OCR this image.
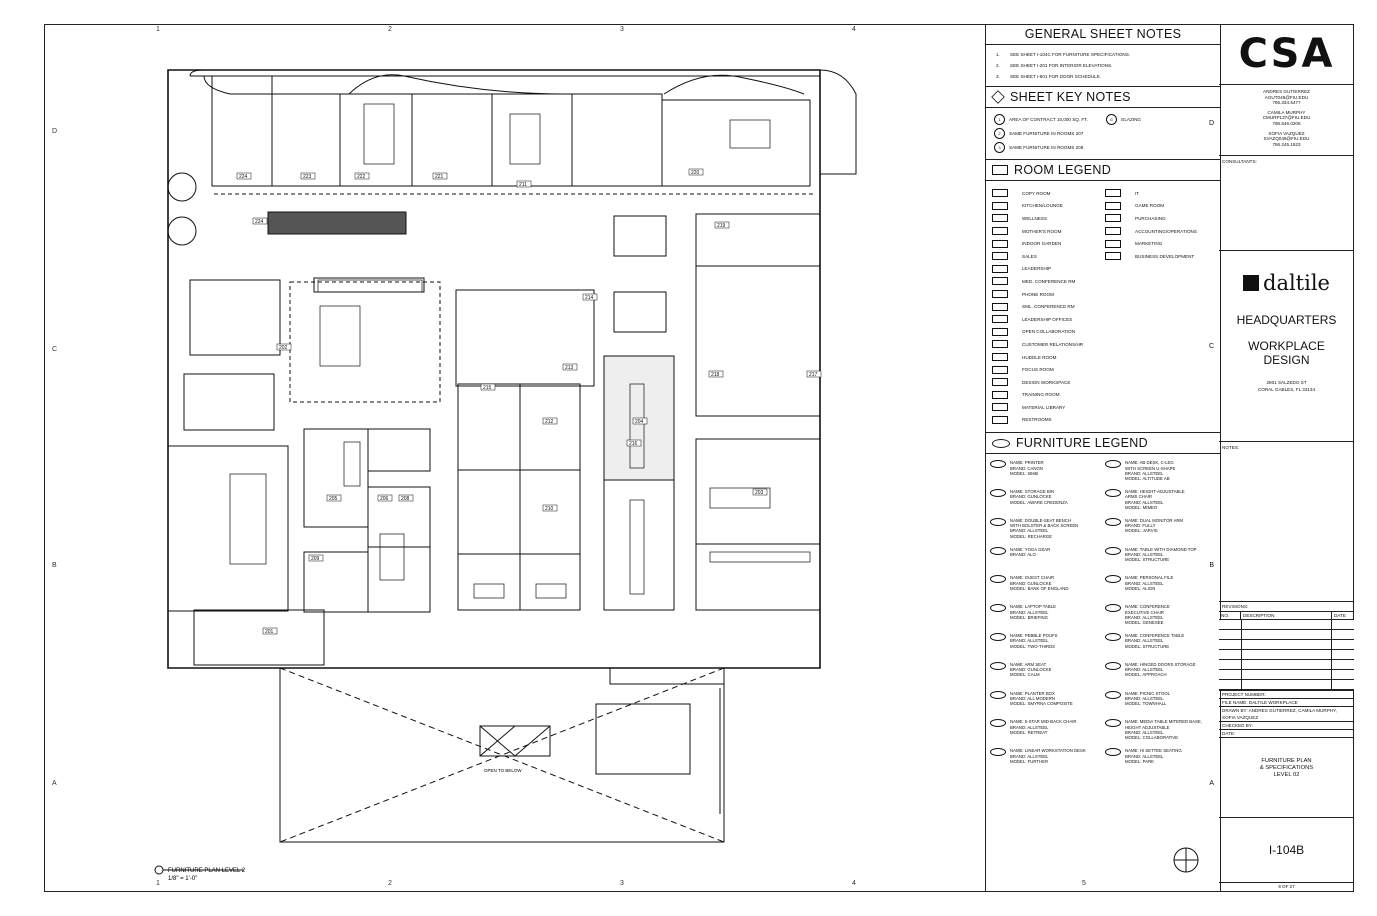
224	223	222	221
211
220
224
214
218
203
201
202
217
213
215
212	204
209
208
206
205
210
219
216
OPEN TO BELOW
FURNITURE PLAN LEVEL 2
1/8" = 1'-0"
1	2	3	4
1	2	3	4	5
D
C
B
A
GENERAL SHEET NOTES
1. SEE SHEET I-104C FOR FURNITURE SPECIFICATIONS.
2. SEE SHEET I-201 FOR INTERIOR ELEVATIONS.
3. SEE SHEET I-601 FOR DOOR SCHEDULE.
SHEET KEY NOTES
1	AREA OF CONTRACT 10,000 SQ. FT.	G	GLAZING
2	SAME FURNITURE IN ROOMS 207
3	SAME FURNITURE IN ROOMS 209
D
ROOM LEGEND
COPY ROOM
KITCHEN/LOUNGE
WELLNESS
MOTHER'S ROOM
INDOOR GARDEN
SALES
LEADERSHIP
MED. CONFERENCE RM
PHONE ROOM
SML. CONFERENCE RM
LEADERSHIP OFFICES
OPEN COLLABORATION
CUSTOMER RELATIONS/HR
HUDDLE ROOM
FOCUS ROOM
DESIGN WORKSPACE
TRAINING ROOM
MATERIAL LIBRARY
RESTROOMS
IT
GAME ROOM
PURCHASING
ACCOUNTING/OPERATIONS
MARKETING
BUSINESS DEVELOPMENT
C
FURNITURE LEGEND
NAME: PRINTER
BRAND: CANON
MODEL: 6565I
NAME: STORAGE BIN
BRAND: GUNLOCKE
MODEL: AWARE CREDENZA
NAME: DOUBLE-SEAT BENCH
WITH BOLSTER & BACK SCREEN
BRAND: ALLSTEEL
MODEL: RECHARGE
NAME: YOGA GEAR
BRAND: ALO
NAME: GUEST CHAIR
BRAND: GUNLOCKE
MODEL: BANK OF ENGLAND
NAME: LAPTOP TABLE
BRAND: ALLSTEEL
MODEL: BRIEFING
NAME: PEBBLE POUFS
BRAND: ALLSTEEL
MODEL: TWO-THIRDS
NAME: ARM SEAT
BRAND: GUNLOCKE
MODEL: CALM
NAME: PLANTER BOX
BRAND: ALL MODERN
MODEL: SMYRNA COMPOSITE
NAME: 5-STAR MID-BACK CHAIR
BRAND: ALLSTEEL
MODEL: RETREAT
NAME: LINEAR WORKSTATION DESK
BRAND: ALLSTEEL
MODEL: FURTHER
NAME: AB DESK, C-LEG
WITH SCREEN U-SHAPE
BRAND: ALLSTEEL
MODEL: ALTITUDE AB
NAME: HEIGHT-ADJUSTABLE
ARMS CHAIR
BRAND: ALLSTEEL
MODEL: MIMEO
NAME: DUAL MONITOR ARM
BRAND: FULLY
MODEL: JARVIS
NAME: TABLE WITH DIAMOND TOP
BRAND: ALLSTEEL
MODEL: STRUCTURE
NAME: PERSONAL FILE
BRAND: ALLSTEEL
MODEL: ALIGN
NAME: CONFERENCE
EXECUTIVE CHAIR
BRAND: ALLSTEEL
MODEL: GENESEE
NAME: CONFERENCE TABLE
BRAND: ALLSTEEL
MODEL: STRUCTURE
NAME: HINGED DOORS STORAGE
BRAND: ALLSTEEL
MODEL: APPROACH
NAME: PICNIC STOOL
BRAND: ALLSTEEL
MODEL: TOWNHALL
NAME: MEDIA TABLE MITERED BASE,
HEIGHT ADJUSTABLE
BRAND: ALLSTEEL
MODEL: COLLABORATIVE
NAME: HI SETTEE SEATING
BRAND: ALLSTEEL
MODEL: PARK
B
A
CSA
ANDRES GUTIERREZ
AGUT049@FIU.EDU
786.334.5477
CAMILA MURPHY
CMURP137@FIU.EDU
786.546.0206
SOFIA VAZQUEZ
SVAZQ049@FIU.EDU
786.245.1623
CONSULTANTS:
daltile
HEADQUARTERS
WORKPLACE
DESIGN
2801 SALZEDO ST
CORAL GABLES, FL 33134
NOTES:
REVISIONS:
NO.	DESCRIPTION	DATE
PROJECT NUMBER:
FILE NAME: DALTILE WORKPLACE
DRAWN BY: ANDRES GUTIERREZ, CAMILA MURPHY, SOFIA VAZQUEZ
CHECKED BY:
DATE:
FURNITURE PLAN
& SPECIFICATIONS
LEVEL 02
I-104B
9 OF 27
